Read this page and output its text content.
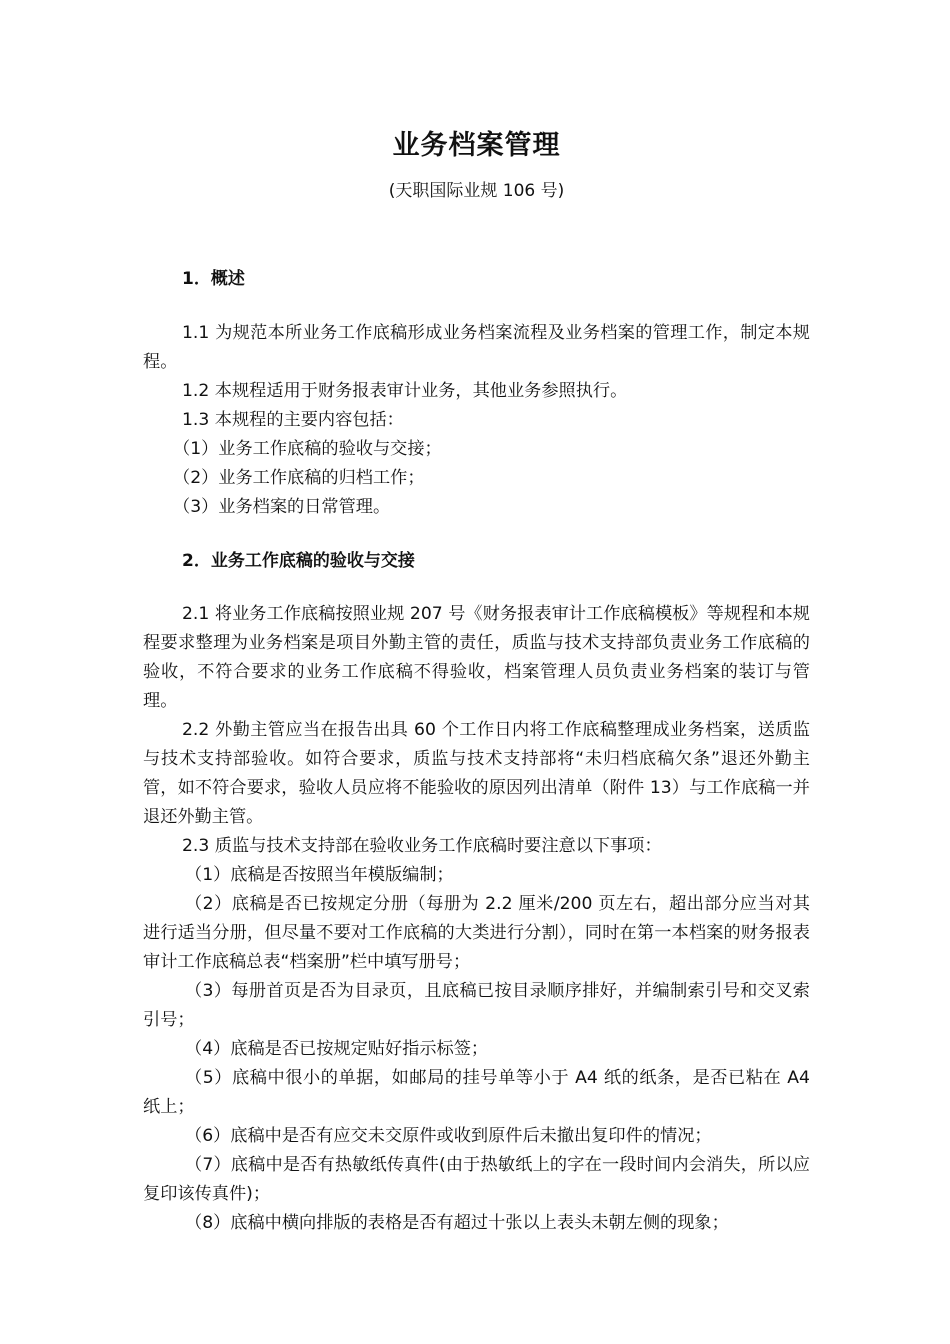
业务档案管理

(天职国际业规 106 号)

1．概述

1.1 为规范本所业务工作底稿形成业务档案流程及业务档案的管理工作，制定本规程。

1.2 本规程适用于财务报表审计业务，其他业务参照执行。

1.3 本规程的主要内容包括：

（1）业务工作底稿的验收与交接；

（2）业务工作底稿的归档工作；

（3）业务档案的日常管理。

2．业务工作底稿的验收与交接

2.1 将业务工作底稿按照业规 207 号《财务报表审计工作底稿模板》等规程和本规程要求整理为业务档案是项目外勤主管的责任，质监与技术支持部负责业务工作底稿的验收，不符合要求的业务工作底稿不得验收，档案管理人员负责业务档案的装订与管理。

2.2 外勤主管应当在报告出具 60 个工作日内将工作底稿整理成业务档案，送质监与技术支持部验收。如符合要求，质监与技术支持部将“未归档底稿欠条”退还外勤主管，如不符合要求，验收人员应将不能验收的原因列出清单（附件 13）与工作底稿一并退还外勤主管。

2.3 质监与技术支持部在验收业务工作底稿时要注意以下事项：

（1）底稿是否按照当年模版编制；

（2）底稿是否已按规定分册（每册为 2.2 厘米/200 页左右，超出部分应当对其进行适当分册，但尽量不要对工作底稿的大类进行分割），同时在第一本档案的财务报表审计工作底稿总表“档案册”栏中填写册号；

（3）每册首页是否为目录页，且底稿已按目录顺序排好，并编制索引号和交叉索引号；

（4）底稿是否已按规定贴好指示标签；

（5）底稿中很小的单据，如邮局的挂号单等小于 A4 纸的纸条，是否已粘在 A4 纸上；

（6）底稿中是否有应交未交原件或收到原件后未撤出复印件的情况；

（7）底稿中是否有热敏纸传真件(由于热敏纸上的字在一段时间内会消失，所以应复印该传真件)；

（8）底稿中横向排版的表格是否有超过十张以上表头未朝左侧的现象；
